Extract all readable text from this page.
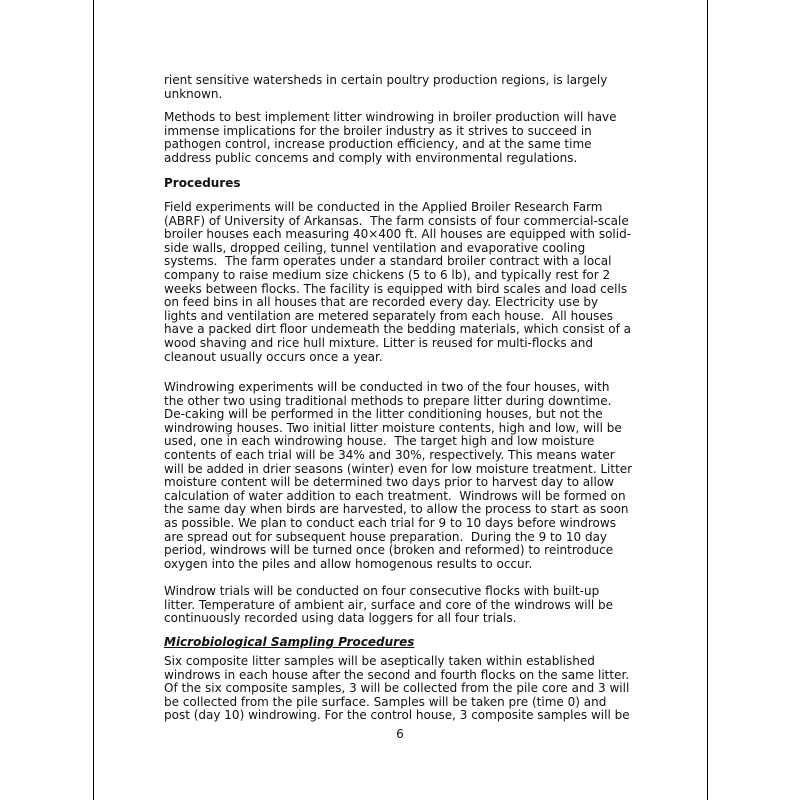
rient sensitive watersheds in certain poultry production regions, is largely
unknown.
Methods to best implement litter windrowing in broiler production will have
immense implications for the broiler industry as it strives to succeed in
pathogen control, increase production efficiency, and at the same time
address public concems and comply with environmental regulations.
Procedures
Field experiments will be conducted in the Applied Broiler Research Farm
(ABRF) of University of Arkansas.  The farm consists of four commercial-scale
broiler houses each measuring 40×400 ft. All houses are equipped with solid-
side walls, dropped ceiling, tunnel ventilation and evaporative cooling
systems.  The farm operates under a standard broiler contract with a local
company to raise medium size chickens (5 to 6 lb), and typically rest for 2
weeks between flocks. The facility is equipped with bird scales and load cells
on feed bins in all houses that are recorded every day. Electricity use by
lights and ventilation are metered separately from each house.  All houses
have a packed dirt floor undemeath the bedding materials, which consist of a
wood shaving and rice hull mixture. Litter is reused for multi-flocks and
cleanout usually occurs once a year.
Windrowing experiments will be conducted in two of the four houses, with
the other two using traditional methods to prepare litter during downtime.
De-caking will be performed in the litter conditioning houses, but not the
windrowing houses. Two initial litter moisture contents, high and low, will be
used, one in each windrowing house.  The target high and low moisture
contents of each trial will be 34% and 30%, respectively. This means water
will be added in drier seasons (winter) even for low moisture treatment. Litter
moisture content will be determined two days prior to harvest day to allow
calculation of water addition to each treatment.  Windrows will be formed on
the same day when birds are harvested, to allow the process to start as soon
as possible. We plan to conduct each trial for 9 to 10 days before windrows
are spread out for subsequent house preparation.  During the 9 to 10 day
period, windrows will be turned once (broken and reformed) to reintroduce
oxygen into the piles and allow homogenous results to occur.
Windrow trials will be conducted on four consecutive flocks with built-up
litter. Temperature of ambient air, surface and core of the windrows will be
continuously recorded using data loggers for all four trials.
Microbiological Sampling Procedures
Six composite litter samples will be aseptically taken within established
windrows in each house after the second and fourth flocks on the same litter.
Of the six composite samples, 3 will be collected from the pile core and 3 will
be collected from the pile surface. Samples will be taken pre (time 0) and
post (day 10) windrowing. For the control house, 3 composite samples will be
6
